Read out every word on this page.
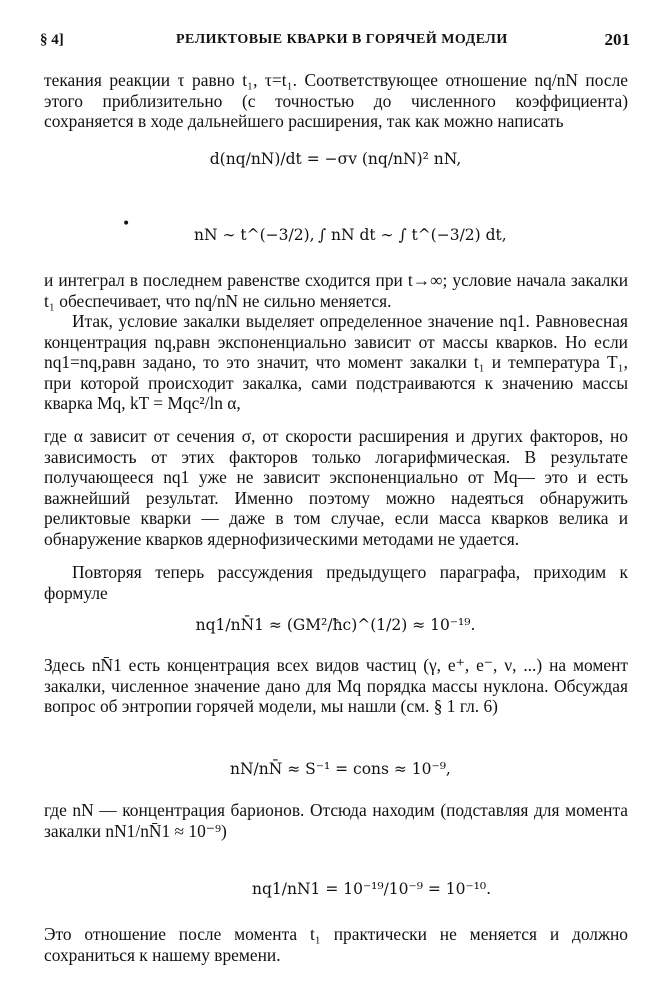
§ 4]	РЕЛИКТОВЫЕ КВАРКИ В ГОРЯЧЕЙ МОДЕЛИ	201
текания реакции τ равно t₁, τ=t₁. Соответствующее отношение nq/nN после этого приблизительно (с точностью до численного коэффициента) сохраняется в ходе дальнейшего расширения, так как можно написать
d(nq/nN)/dt = −σv (nq/nN)² nN,
•
nN ∼ t^(−3/2), ∫ nN dt ∼ ∫ t^(−3/2) dt,
и интеграл в последнем равенстве сходится при t→∞; условие начала закалки t₁ обеспечивает, что nq/nN не сильно меняется.
Итак, условие закалки выделяет определенное значение nq1. Равновесная концентрация nq,равн экспоненциально зависит от массы кварков. Но если nq1=nq,равн задано, то это значит, что момент закалки t₁ и температура T₁, при которой происходит закалка, сами подстраиваются к значению массы кварка Mq, kT = Mqc²/ln α,
где α зависит от сечения σ, от скорости расширения и других факторов, но зависимость от этих факторов только логарифмическая. В результате получающееся nq1 уже не зависит экспоненциально от Mq— это и есть важнейший результат. Именно поэтому можно надеяться обнаружить реликтовые кварки — даже в том случае, если масса кварков велика и обнаружение кварков ядернофизическими методами не удается.
Повторяя теперь рассуждения предыдущего параграфа, приходим к формуле
nq1/nN̄1 ≈ (GM²/ħc)^(1/2) ≈ 10⁻¹⁹.
Здесь nN̄1 есть концентрация всех видов частиц (γ, e⁺, e⁻, ν, ...) на момент закалки, численное значение дано для Mq порядка массы нуклона. Обсуждая вопрос об энтропии горячей модели, мы нашли (см. § 1 гл. 6)
nN/nN̄ ≈ S⁻¹ = cons ≈ 10⁻⁹,
где nN — концентрация барионов. Отсюда находим (подставляя для момента закалки nN1/nN̄1 ≈ 10⁻⁹)
nq1/nN1 = 10⁻¹⁹/10⁻⁹ = 10⁻¹⁰.
Это отношение после момента t₁ практически не меняется и должно сохраниться к нашему времени.
